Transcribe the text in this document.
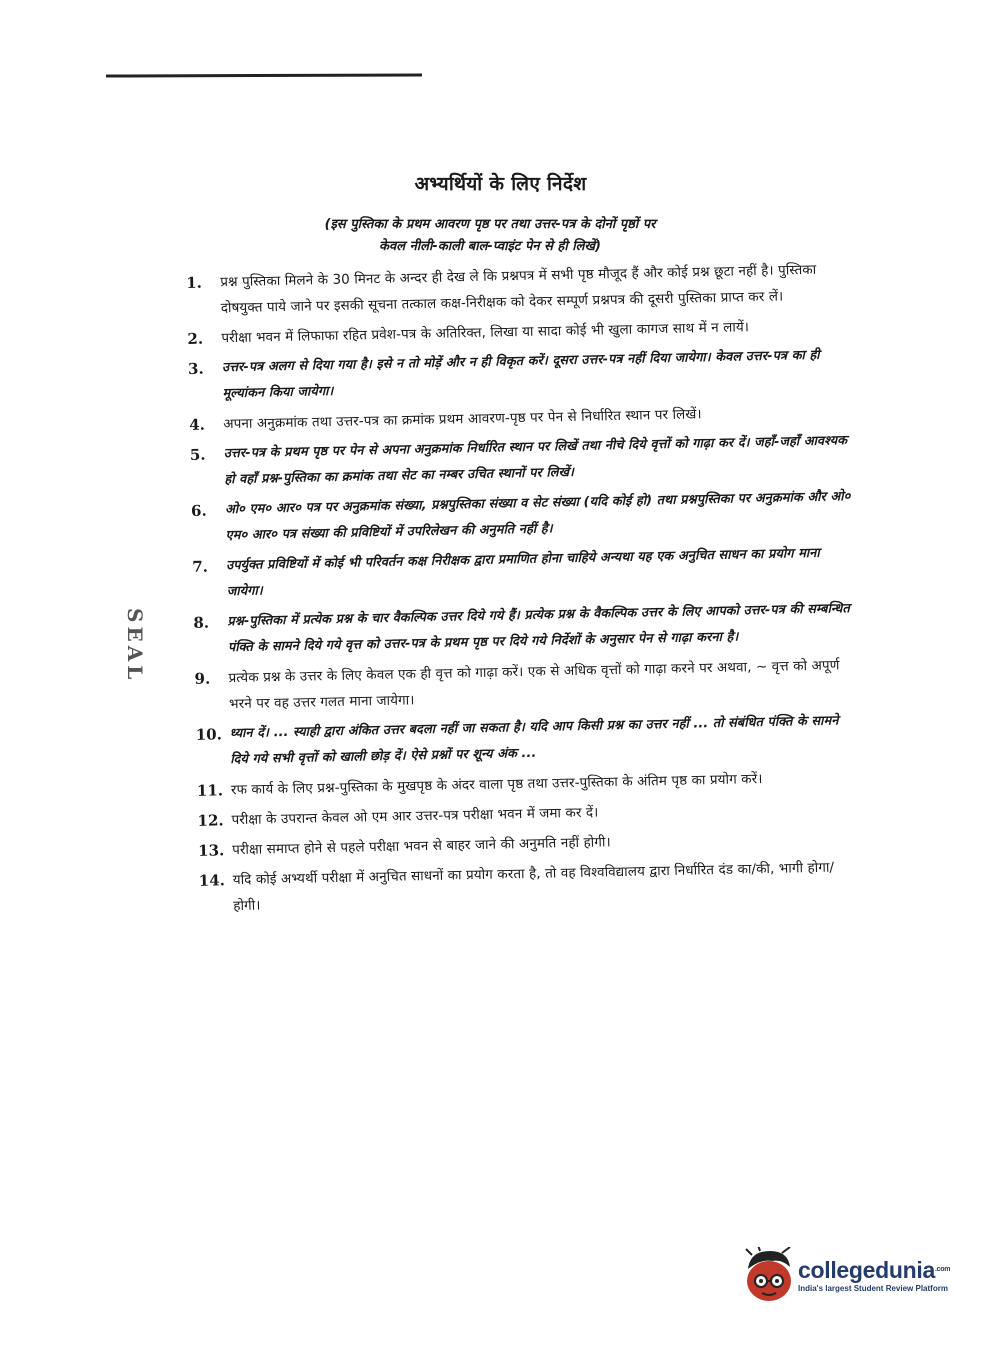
अभ्यर्थियों के लिए निर्देश
(इस पुस्तिका के प्रथम आवरण पृष्ठ पर तथा उत्तर-पत्र के दोनों पृष्ठों पर
केवल नीली-काली बाल-प्वाइंट पेन से ही लिखें)
SEAL
1.	प्रश्न पुस्तिका मिलने के 30 मिनट के अन्दर ही देख ले कि प्रश्नपत्र में सभी पृष्ठ मौजूद हैं और कोई प्रश्न छूटा नहीं है। पुस्तिका दोषयुक्त पाये जाने पर इसकी सूचना तत्काल कक्ष-निरीक्षक को देकर सम्पूर्ण प्रश्नपत्र की दूसरी पुस्तिका प्राप्त कर लें।
2.	परीक्षा भवन में लिफाफा रहित प्रवेश-पत्र के अतिरिक्त, लिखा या सादा कोई भी खुला कागज साथ में न लायें।
3.	उत्तर-पत्र अलग से दिया गया है। इसे न तो मोड़ें और न ही विकृत करें। दूसरा उत्तर-पत्र नहीं दिया जायेगा। केवल उत्तर-पत्र का ही मूल्यांकन किया जायेगा।
4.	अपना अनुक्रमांक तथा उत्तर-पत्र का क्रमांक प्रथम आवरण-पृष्ठ पर पेन से निर्धारित स्थान पर लिखें।
5.	उत्तर-पत्र के प्रथम पृष्ठ पर पेन से अपना अनुक्रमांक निर्धारित स्थान पर लिखें तथा नीचे दिये वृत्तों को गाढ़ा कर दें। जहाँ-जहाँ आवश्यक हो वहाँ प्रश्न-पुस्तिका का क्रमांक तथा सेट का नम्बर उचित स्थानों पर लिखें।
6.	ओ० एम० आर० पत्र पर अनुक्रमांक संख्या, प्रश्नपुस्तिका संख्या व सेट संख्या (यदि कोई हो) तथा प्रश्नपुस्तिका पर अनुक्रमांक और ओ० एम० आर० पत्र संख्या की प्रविष्टियों में उपरिलेखन की अनुमति नहीं है।
7.	उपर्युक्त प्रविष्टियों में कोई भी परिवर्तन कक्ष निरीक्षक द्वारा प्रमाणित होना चाहिये अन्यथा यह एक अनुचित साधन का प्रयोग माना जायेगा।
8.	प्रश्न-पुस्तिका में प्रत्येक प्रश्न के चार वैकल्पिक उत्तर दिये गये हैं। प्रत्येक प्रश्न के वैकल्पिक उत्तर के लिए आपको उत्तर-पत्र की सम्बन्धित पंक्ति के सामने दिये गये वृत्त को उत्तर-पत्र के प्रथम पृष्ठ पर दिये गये निर्देशों के अनुसार पेन से गाढ़ा करना है।
9.	प्रत्येक प्रश्न के उत्तर के लिए केवल एक ही वृत्त को गाढ़ा करें। एक से अधिक वृत्तों को गाढ़ा करने पर अथवा, ~ वृत्त को अपूर्ण भरने पर वह उत्तर गलत माना जायेगा।
10. ध्यान दें। ... स्याही द्वारा अंकित उत्तर बदला नहीं जा सकता है। यदि आप किसी प्रश्न का उत्तर नहीं ... तो संबंधित पंक्ति के सामने दिये गये सभी वृत्तों को खाली छोड़ दें। ऐसे प्रश्नों पर शून्य अंक ...
11. रफ कार्य के लिए प्रश्न-पुस्तिका के मुखपृष्ठ के अंदर वाला पृष्ठ तथा उत्तर-पुस्तिका के अंतिम पृष्ठ का प्रयोग करें।
12. परीक्षा के उपरान्त केवल ओ एम आर उत्तर-पत्र परीक्षा भवन में जमा कर दें।
13. परीक्षा समाप्त होने से पहले परीक्षा भवन से बाहर जाने की अनुमति नहीं होगी।
14. यदि कोई अभ्यर्थी परीक्षा में अनुचित साधनों का प्रयोग करता है, तो वह विश्वविद्यालय द्वारा निर्धारित दंड का/की, भागी होगा/होगी।
collegedunia$^{.com}$
India's largest Student Review Platform
